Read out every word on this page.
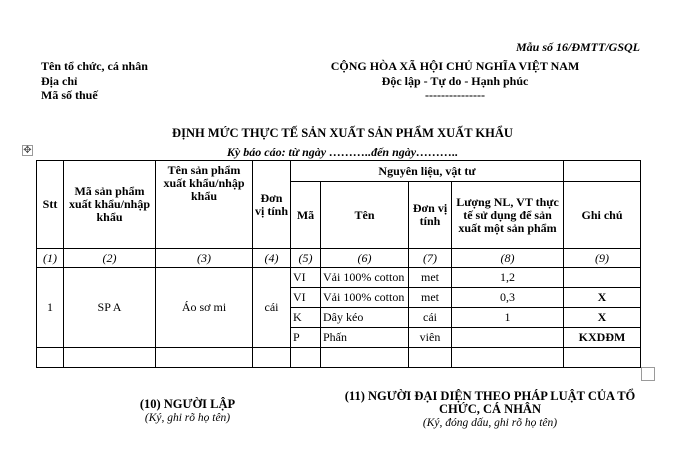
Mẫu số 16/ĐMTT/GSQL
Tên tổ chức, cá nhân
Địa chỉ
Mã số thuế
CỘNG HÒA XÃ HỘI CHỦ NGHĨA VIỆT NAM
Độc lập - Tự do - Hạnh phúc
---------------
ĐỊNH MỨC THỰC TẾ SẢN XUẤT SẢN PHẨM XUẤT KHẨU
Kỳ báo cáo: từ ngày ………..đến ngày………..
✥
Stt	Mã sản phẩm xuất khẩu/nhập khẩu	Tên sản phẩm xuất khẩu/nhập khẩu	Đơn vị tính	Nguyên liệu, vật tư				
				Mã	Tên	Đơn vị tính	Lượng NL, VT thực tế sử dụng để sản xuất một sản phẩm	Ghi chú
(1)	(2)	(3)	(4)	(5)	(6)	(7)	(8)	(9)
1	SP A	Áo sơ mi	cái	VI	Vải 100% cotton	met	1,2	
				VI	Vải 100% cotton	met	0,3	X
				K	Dây kéo	cái	1	X
				P	Phấn	viên		KXDĐM

(10) NGƯỜI LẬP
(Ký, ghi rõ họ tên)
(11) NGƯỜI ĐẠI DIỆN THEO PHÁP LUẬT CỦA TỔ CHỨC, CÁ NHÂN
(Ký, đóng dấu, ghi rõ họ tên)
